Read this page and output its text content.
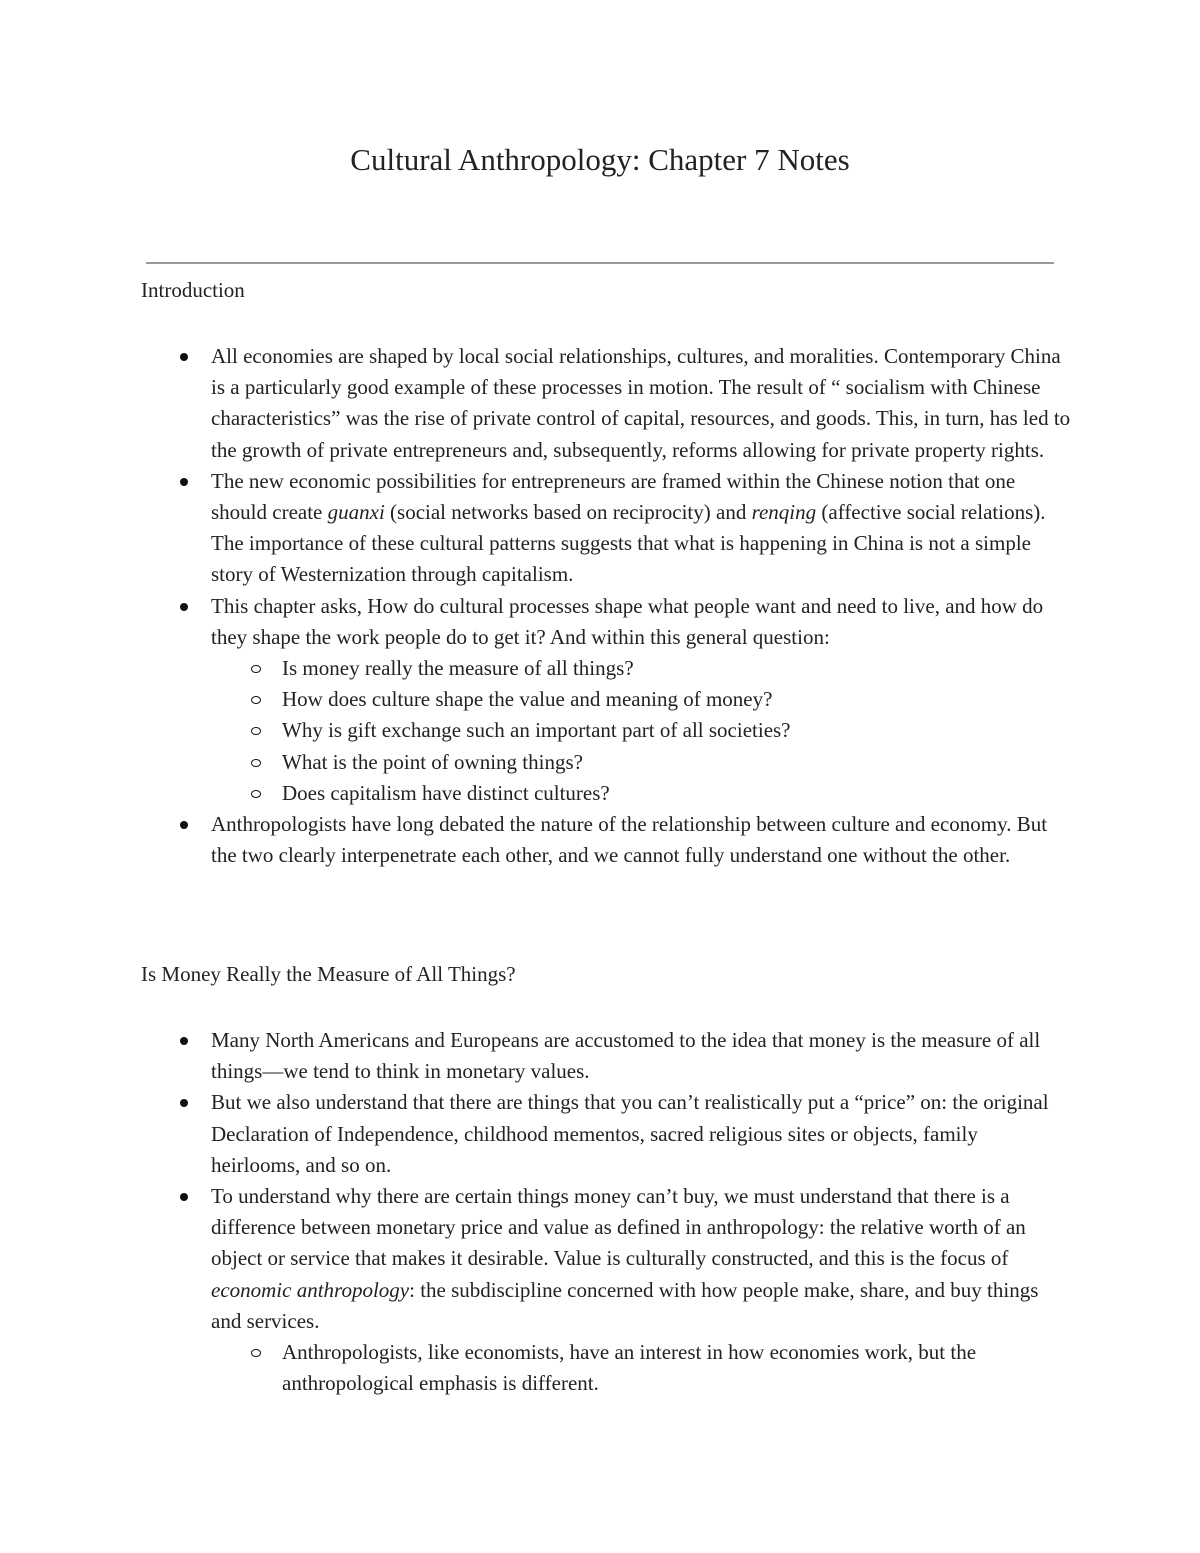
Cultural Anthropology: Chapter 7 Notes
Introduction
All economies are shaped by local social relationships, cultures, and moralities. Contemporary China is a particularly good example of these processes in motion. The result of “ socialism with Chinese characteristics” was the rise of private control of capital, resources, and goods. This, in turn, has led to the growth of private entrepreneurs and, subsequently, reforms allowing for private property rights.
The new economic possibilities for entrepreneurs are framed within the Chinese notion that one should create guanxi (social networks based on reciprocity) and renqing (affective social relations). The importance of these cultural patterns suggests that what is happening in China is not a simple story of Westernization through capitalism.
This chapter asks, How do cultural processes shape what people want and need to live, and how do they shape the work people do to get it? And within this general question:
Is money really the measure of all things?
How does culture shape the value and meaning of money?
Why is gift exchange such an important part of all societies?
What is the point of owning things?
Does capitalism have distinct cultures?
Anthropologists have long debated the nature of the relationship between culture and economy. But the two clearly interpenetrate each other, and we cannot fully understand one without the other.
Is Money Really the Measure of All Things?
Many North Americans and Europeans are accustomed to the idea that money is the measure of all things—we tend to think in monetary values.
But we also understand that there are things that you can’t realistically put a “price” on: the original Declaration of Independence, childhood mementos, sacred religious sites or objects, family heirlooms, and so on.
To understand why there are certain things money can’t buy, we must understand that there is a difference between monetary price and value as defined in anthropology: the relative worth of an object or service that makes it desirable. Value is culturally constructed, and this is the focus of economic anthropology: the subdiscipline concerned with how people make, share, and buy things and services.
Anthropologists, like economists, have an interest in how economies work, but the anthropological emphasis is different.
